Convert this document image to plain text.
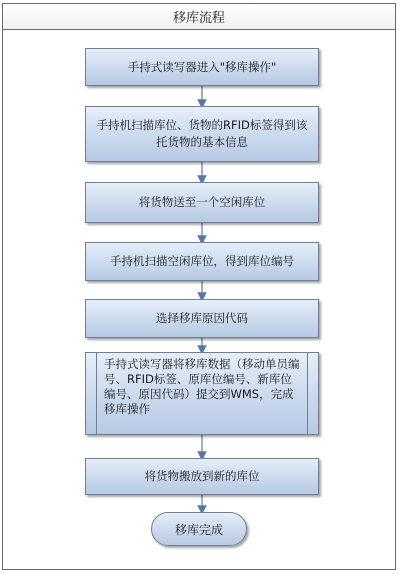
移库流程
手持式读写器进入"移库操作"
手持机扫描库位、货物的RFID标签得到该托货物的基本信息
将货物送至一个空闲库位
手持机扫描空闲库位，得到库位编号
选择移库原因代码
手持式读写器将移库数据（移动单员编号、RFID标签、原库位编号、新库位编号、原因代码）提交到WMS，完成移库操作
将货物搬放到新的库位
移库完成
